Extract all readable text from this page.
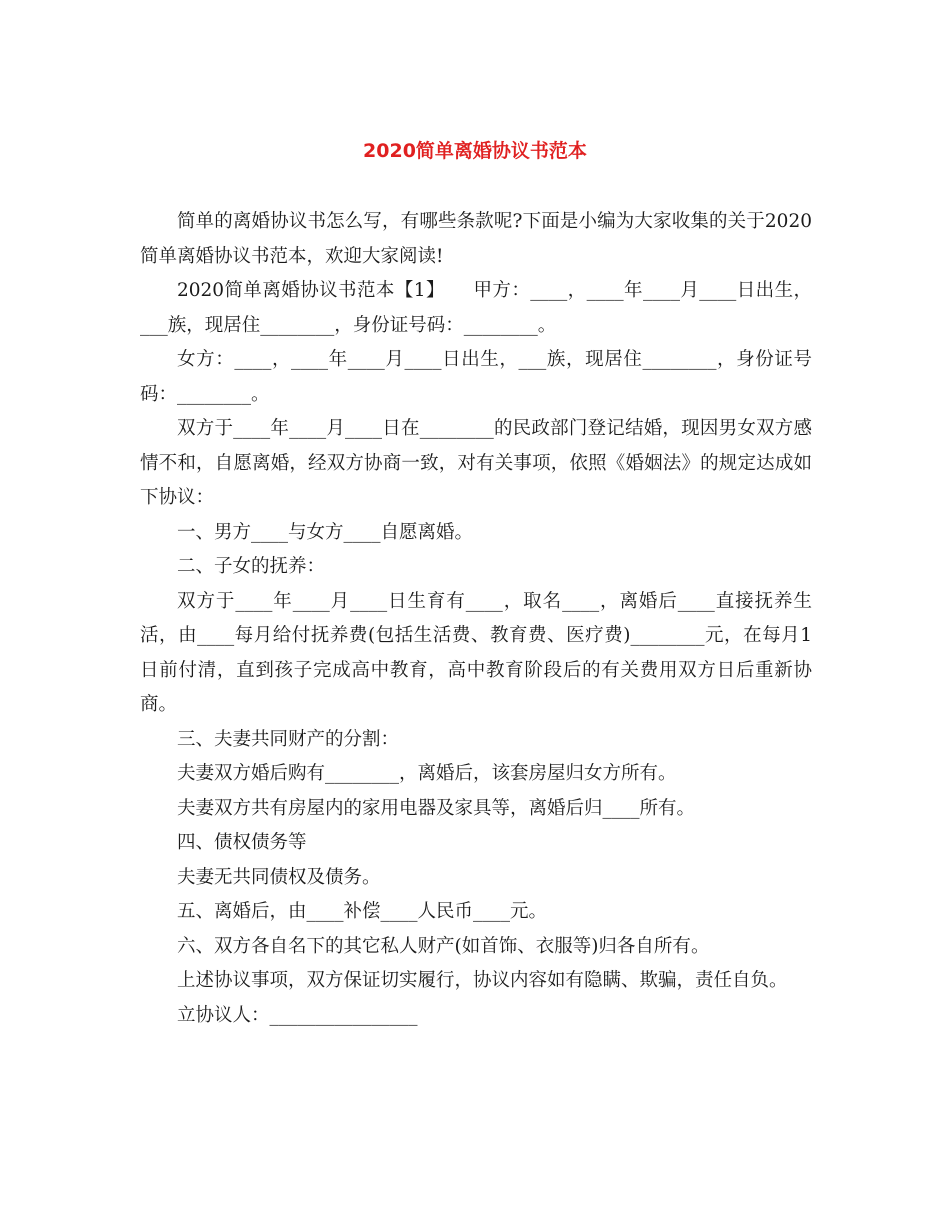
2020简单离婚协议书范本

简单的离婚协议书怎么写，有哪些条款呢?下面是小编为大家收集的关于2020简单离婚协议书范本，欢迎大家阅读!

2020简单离婚协议书范本【1】　　甲方：____，____年____月____日出生，___族，现居住________，身份证号码：________。

女方：____，____年____月____日出生，___族，现居住________，身份证号码：________。

双方于____年____月____日在________的民政部门登记结婚，现因男女双方感情不和，自愿离婚，经双方协商一致，对有关事项，依照《婚姻法》的规定达成如下协议：

一、男方____与女方____自愿离婚。

二、子女的抚养：

双方于____年____月____日生育有____，取名____，离婚后____直接抚养生活，由____每月给付抚养费(包括生活费、教育费、医疗费)________元，在每月1日前付清，直到孩子完成高中教育，高中教育阶段后的有关费用双方日后重新协商。

三、夫妻共同财产的分割：

夫妻双方婚后购有________，离婚后，该套房屋归女方所有。

夫妻双方共有房屋内的家用电器及家具等，离婚后归____所有。

四、债权债务等

夫妻无共同债权及债务。

五、离婚后，由____补偿____人民币____元。

六、双方各自名下的其它私人财产(如首饰、衣服等)归各自所有。

上述协议事项，双方保证切实履行，协议内容如有隐瞒、欺骗，责任自负。

立协议人：________________
